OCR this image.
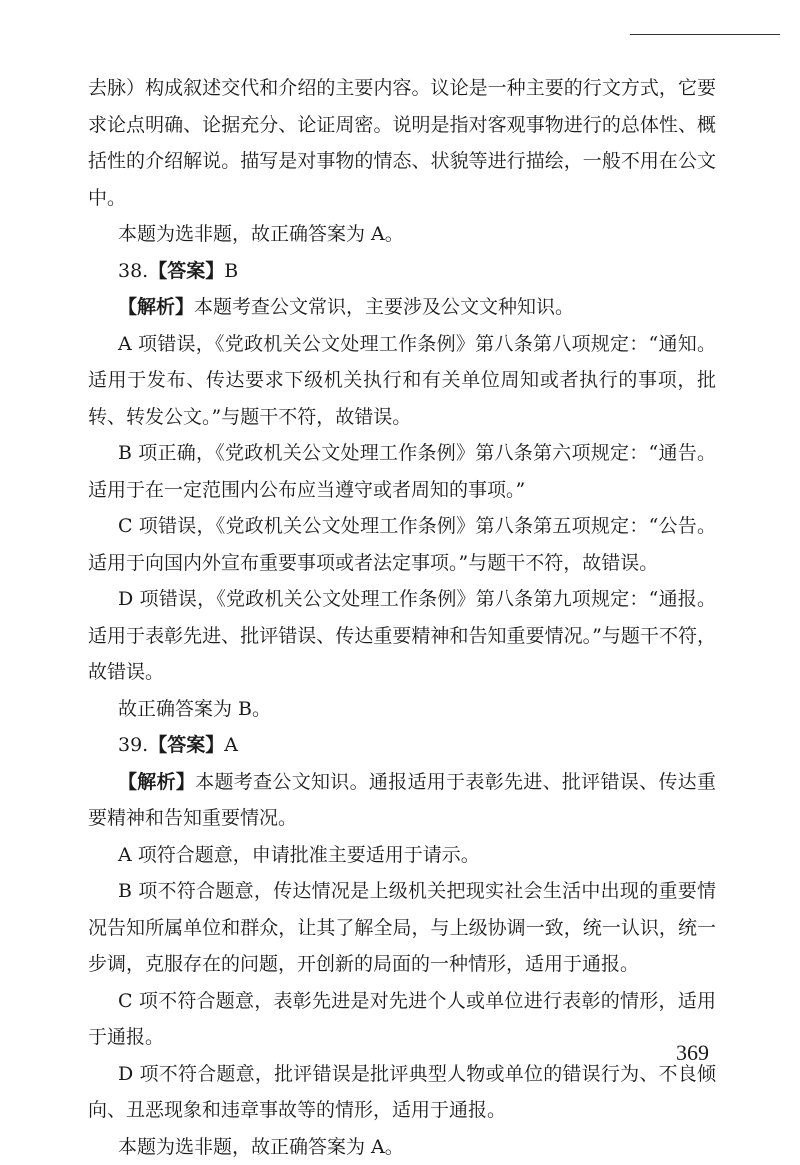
去脉）构成叙述交代和介绍的主要内容。议论是一种主要的行文方式，它要求论点明确、论据充分、论证周密。说明是指对客观事物进行的总体性、概括性的介绍解说。描写是对事物的情态、状貌等进行描绘，一般不用在公文中。

本题为选非题，故正确答案为 A。

38.【答案】B

【解析】本题考查公文常识，主要涉及公文文种知识。

A 项错误，《党政机关公文处理工作条例》第八条第八项规定：“通知。适用于发布、传达要求下级机关执行和有关单位周知或者执行的事项，批转、转发公文。”与题干不符，故错误。

B 项正确，《党政机关公文处理工作条例》第八条第六项规定：“通告。适用于在一定范围内公布应当遵守或者周知的事项。”

C 项错误，《党政机关公文处理工作条例》第八条第五项规定：“公告。适用于向国内外宣布重要事项或者法定事项。”与题干不符，故错误。

D 项错误，《党政机关公文处理工作条例》第八条第九项规定：“通报。适用于表彰先进、批评错误、传达重要精神和告知重要情况。”与题干不符，故错误。

故正确答案为 B。

39.【答案】A

【解析】本题考查公文知识。通报适用于表彰先进、批评错误、传达重要精神和告知重要情况。

A 项符合题意，申请批准主要适用于请示。

B 项不符合题意，传达情况是上级机关把现实社会生活中出现的重要情况告知所属单位和群众，让其了解全局，与上级协调一致，统一认识，统一步调，克服存在的问题，开创新的局面的一种情形，适用于通报。

C 项不符合题意，表彰先进是对先进个人或单位进行表彰的情形，适用于通报。

D 项不符合题意，批评错误是批评典型人物或单位的错误行为、不良倾向、丑恶现象和违章事故等的情形，适用于通报。

本题为选非题，故正确答案为 A。

369
